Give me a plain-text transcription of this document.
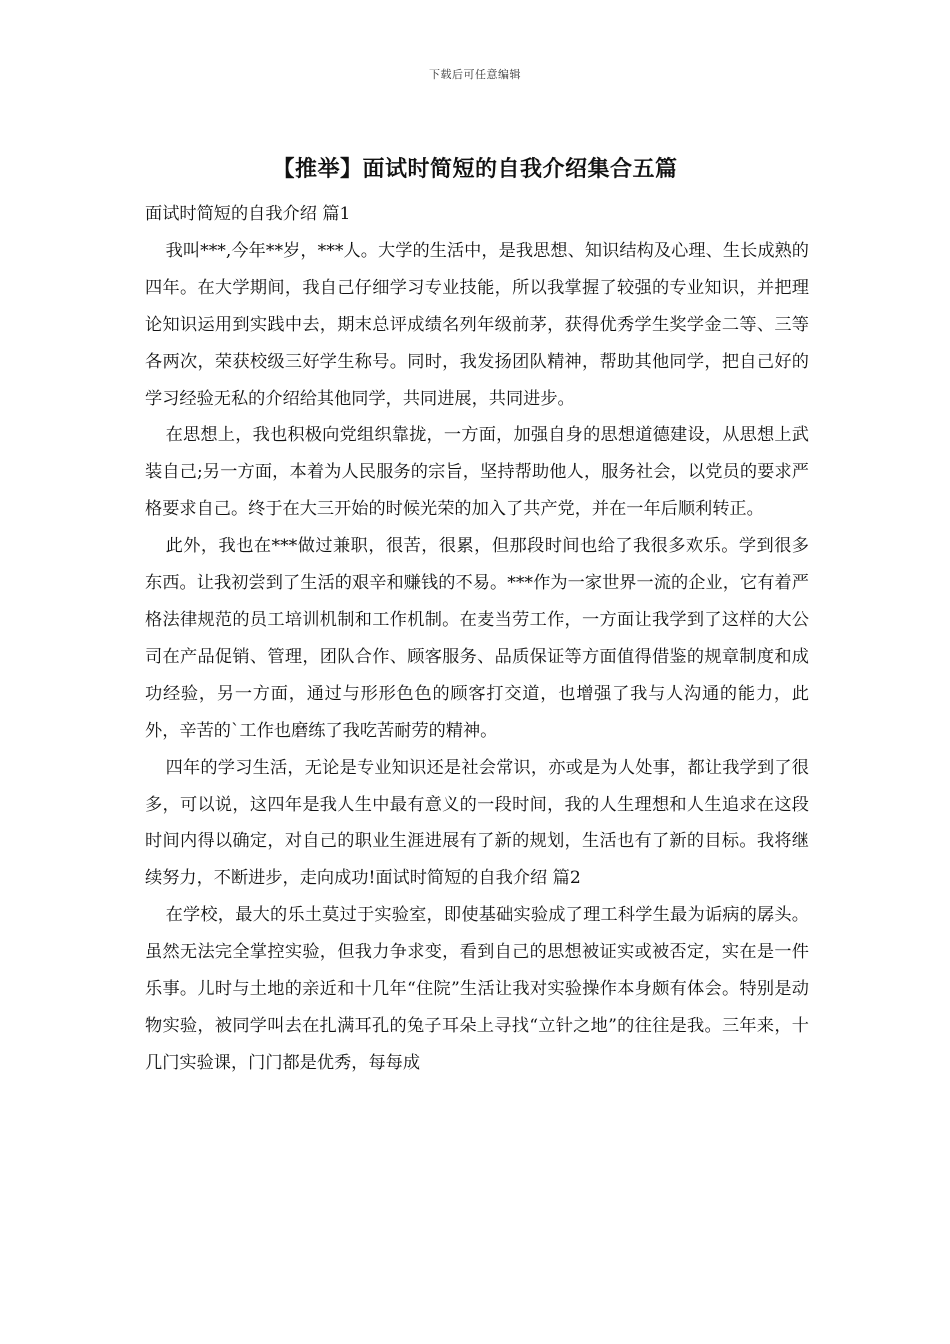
下载后可任意编辑
【推举】面试时简短的自我介绍集合五篇

面试时简短的自我介绍 篇1

我叫***,今年**岁，***人。大学的生活中，是我思想、知识结构及心理、生长成熟的四年。在大学期间，我自己仔细学习专业技能，所以我掌握了较强的专业知识，并把理论知识运用到实践中去，期末总评成绩名列年级前茅，获得优秀学生奖学金二等、三等各两次，荣获校级三好学生称号。同时，我发扬团队精神，帮助其他同学，把自己好的学习经验无私的介绍给其他同学，共同进展，共同进步。

在思想上，我也积极向党组织靠拢，一方面，加强自身的思想道德建设，从思想上武装自己;另一方面，本着为人民服务的宗旨，坚持帮助他人，服务社会，以党员的要求严格要求自己。终于在大三开始的时候光荣的加入了共产党，并在一年后顺利转正。

此外，我也在***做过兼职，很苦，很累，但那段时间也给了我很多欢乐。学到很多东西。让我初尝到了生活的艰辛和赚钱的不易。***作为一家世界一流的企业，它有着严格法律规范的员工培训机制和工作机制。在麦当劳工作，一方面让我学到了这样的大公司在产品促销、管理，团队合作、顾客服务、品质保证等方面值得借鉴的规章制度和成功经验，另一方面，通过与形形色色的顾客打交道，也增强了我与人沟通的能力，此外，辛苦的`工作也磨练了我吃苦耐劳的精神。

四年的学习生活，无论是专业知识还是社会常识，亦或是为人处事，都让我学到了很多，可以说，这四年是我人生中最有意义的一段时间，我的人生理想和人生追求在这段时间内得以确定，对自己的职业生涯进展有了新的规划，生活也有了新的目标。我将继续努力，不断进步，走向成功!面试时简短的自我介绍 篇2

在学校，最大的乐土莫过于实验室，即使基础实验成了理工科学生最为诟病的孱头。虽然无法完全掌控实验，但我力争求变，看到自己的思想被证实或被否定，实在是一件乐事。儿时与土地的亲近和十几年“住院”生活让我对实验操作本身颇有体会。特别是动物实验，被同学叫去在扎满耳孔的兔子耳朵上寻找“立针之地”的往往是我。三年来，十几门实验课，门门都是优秀，每每成
